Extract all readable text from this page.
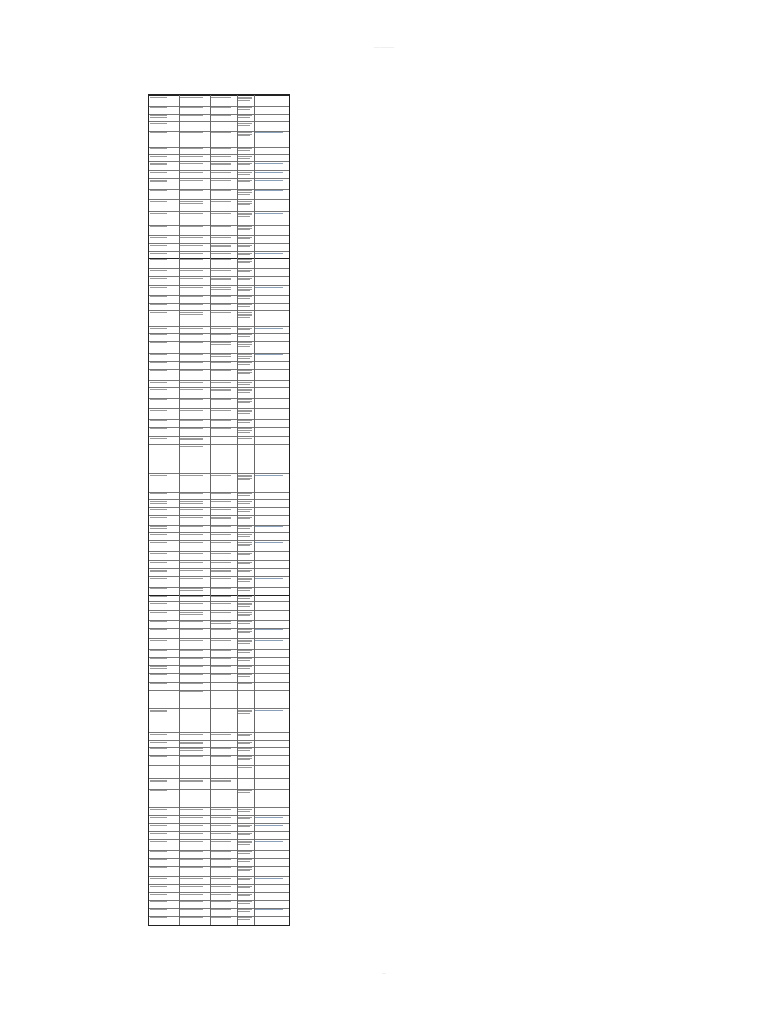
——— ———————
——
